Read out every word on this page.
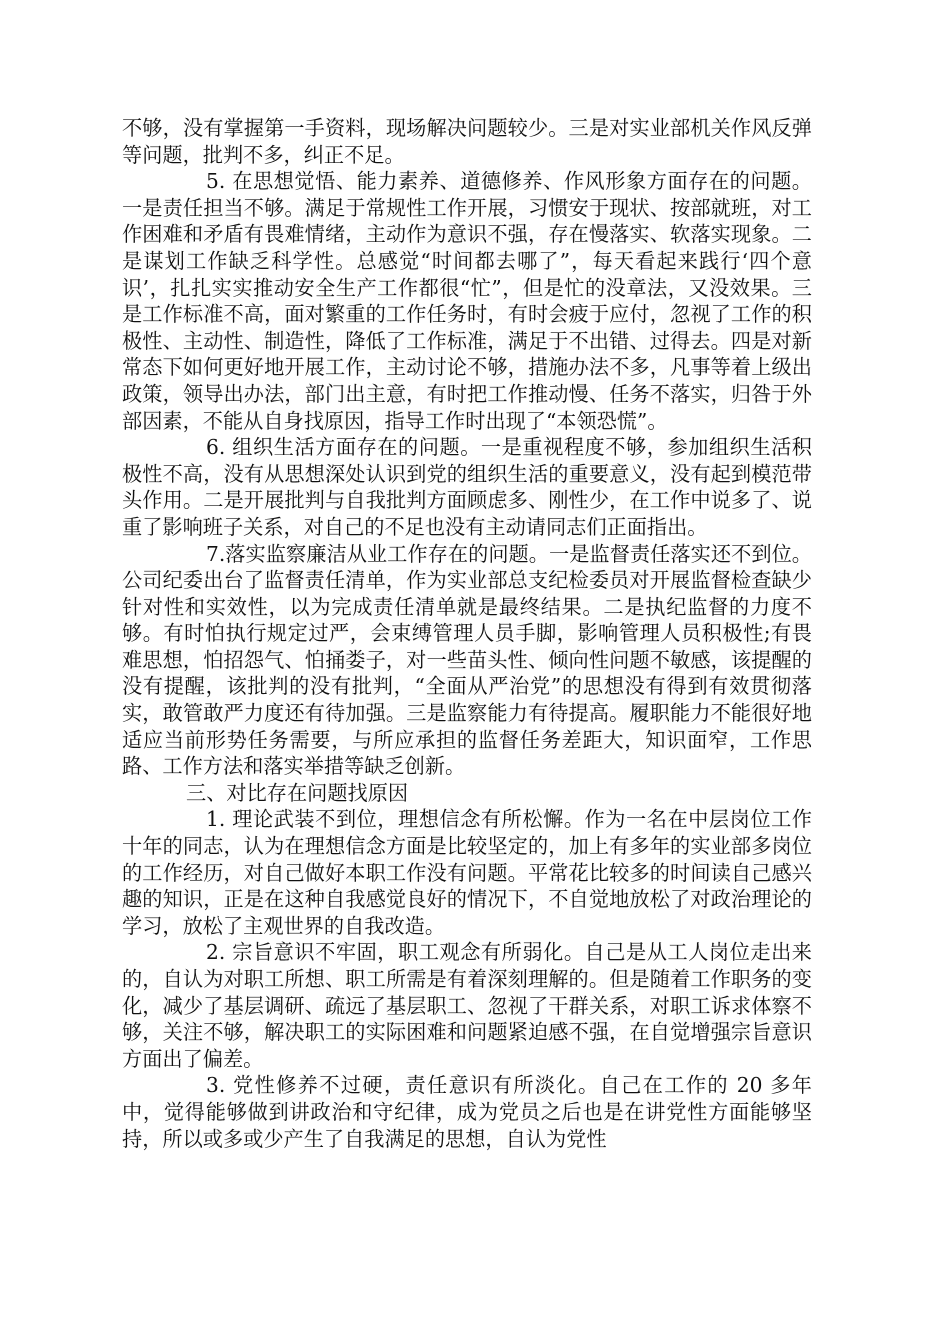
不够，没有掌握第一手资料，现场解决问题较少。三是对实业部机关作风反弹等问题，批判不多，纠正不足。

5. 在思想觉悟、能力素养、道德修养、作风形象方面存在的问题。一是责任担当不够。满足于常规性工作开展，习惯安于现状、按部就班，对工作困难和矛盾有畏难情绪，主动作为意识不强，存在慢落实、软落实现象。二是谋划工作缺乏科学性。总感觉“时间都去哪了”，每天看起来践行‘四个意识’，扎扎实实推动安全生产工作都很“忙”，但是忙的没章法，又没效果。三是工作标准不高，面对繁重的工作任务时，有时会疲于应付，忽视了工作的积极性、主动性、制造性，降低了工作标准，满足于不出错、过得去。四是对新常态下如何更好地开展工作，主动讨论不够，措施办法不多，凡事等着上级出政策，领导出办法，部门出主意，有时把工作推动慢、任务不落实，归咎于外部因素，不能从自身找原因，指导工作时出现了“本领恐慌”。

6. 组织生活方面存在的问题。一是重视程度不够，参加组织生活积极性不高，没有从思想深处认识到党的组织生活的重要意义，没有起到模范带头作用。二是开展批判与自我批判方面顾虑多、刚性少，在工作中说多了、说重了影响班子关系，对自己的不足也没有主动请同志们正面指出。

7.落实监察廉洁从业工作存在的问题。一是监督责任落实还不到位。公司纪委出台了监督责任清单，作为实业部总支纪检委员对开展监督检查缺少针对性和实效性，以为完成责任清单就是最终结果。二是执纪监督的力度不够。有时怕执行规定过严，会束缚管理人员手脚，影响管理人员积极性;有畏难思想，怕招怨气、怕捅娄子，对一些苗头性、倾向性问题不敏感，该提醒的没有提醒，该批判的没有批判，“全面从严治党”的思想没有得到有效贯彻落实，敢管敢严力度还有待加强。三是监察能力有待提高。履职能力不能很好地适应当前形势任务需要，与所应承担的监督任务差距大，知识面窄，工作思路、工作方法和落实举措等缺乏创新。

三、对比存在问题找原因

1. 理论武装不到位，理想信念有所松懈。作为一名在中层岗位工作十年的同志，认为在理想信念方面是比较坚定的，加上有多年的实业部多岗位的工作经历，对自己做好本职工作没有问题。平常花比较多的时间读自己感兴趣的知识，正是在这种自我感觉良好的情况下，不自觉地放松了对政治理论的学习，放松了主观世界的自我改造。

2. 宗旨意识不牢固，职工观念有所弱化。自己是从工人岗位走出来的，自认为对职工所想、职工所需是有着深刻理解的。但是随着工作职务的变化，减少了基层调研、疏远了基层职工、忽视了干群关系，对职工诉求体察不够，关注不够，解决职工的实际困难和问题紧迫感不强，在自觉增强宗旨意识方面出了偏差。

3. 党性修养不过硬，责任意识有所淡化。自己在工作的 20 多年中，觉得能够做到讲政治和守纪律，成为党员之后也是在讲党性方面能够坚持，所以或多或少产生了自我满足的思想，自认为党性
